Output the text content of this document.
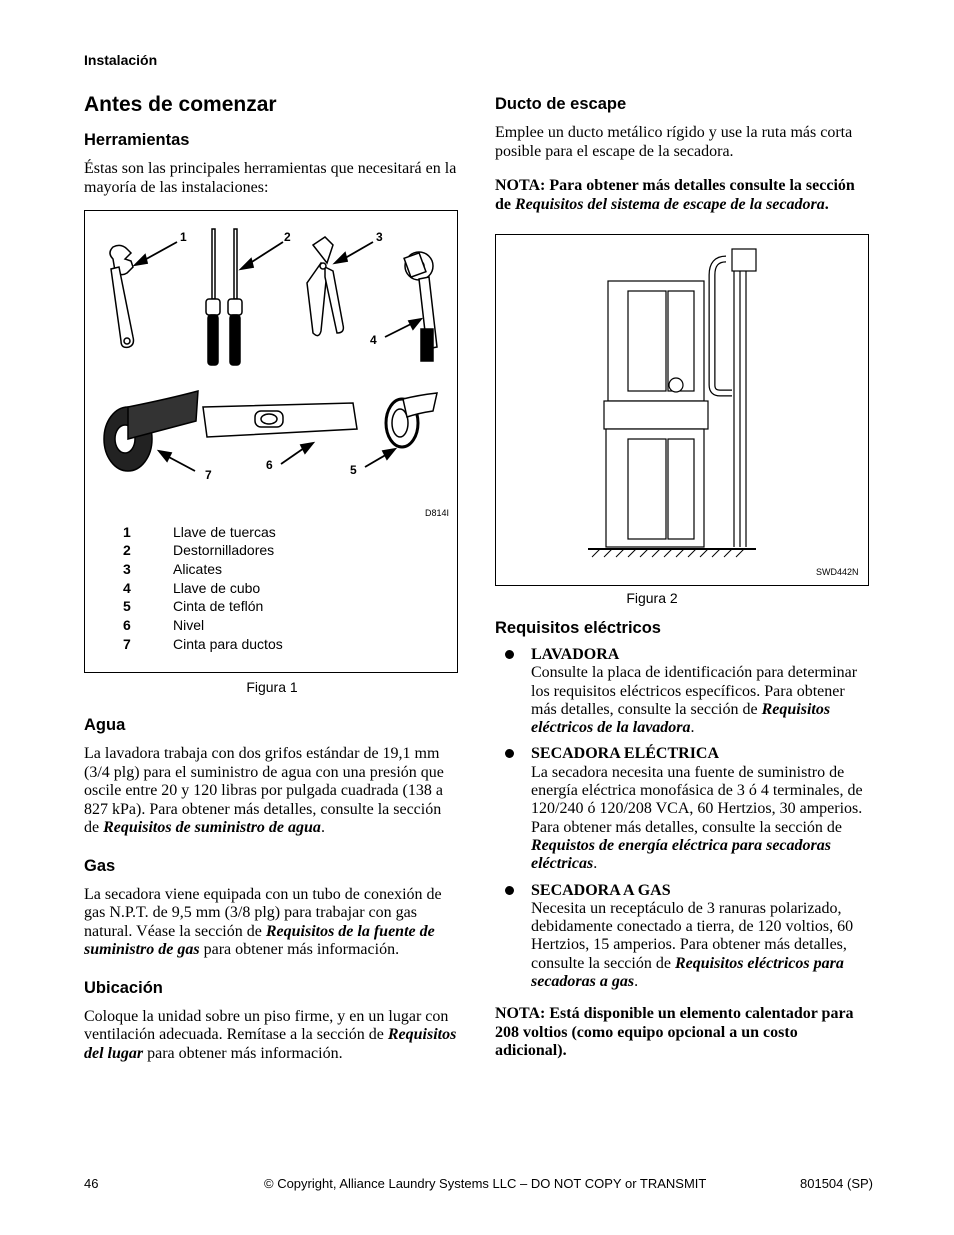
Instalación
Antes de comenzar
Herramientas

Éstas son las principales herramientas que necesitará en la mayoría de las instalaciones:

1	2	3
4
5
6
7
D814I
1	Llave de tuercas
2	Destornilladores
3	Alicates
4	Llave de cubo
5	Cinta de teflón
6	Nivel
7	Cinta para ductos
Figura 1
Agua

La lavadora trabaja con dos grifos estándar de 19,1 mm (3/4 plg) para el suministro de agua con una presión que oscile entre 20 y 120 libras por pulgada cuadrada (138 a 827 kPa). Para obtener más detalles, consulte la sección de Requisitos de suministro de agua.

Gas

La secadora viene equipada con un tubo de conexión de gas N.P.T. de 9,5 mm (3/8 plg) para trabajar con gas natural. Véase la sección de Requisitos de la fuente de suministro de gas para obtener más información.

Ubicación

Coloque la unidad sobre un piso firme, y en un lugar con ventilación adecuada. Remítase a la sección de Requisitos del lugar para obtener más información.

Ducto de escape

Emplee un ducto metálico rígido y use la ruta más corta posible para el escape de la secadora.

NOTA: Para obtener más detalles consulte la sección de Requisitos del sistema de escape de la secadora.

SWD442N
Figura 2
Requisitos eléctricos
LAVADORA
Consulte la placa de identificación para determinar los requisitos eléctricos específicos. Para obtener más detalles, consulte la sección de Requisitos eléctricos de la lavadora.
SECADORA ELÉCTRICA
La secadora necesita una fuente de suministro de energía eléctrica monofásica de 3 ó 4 terminales, de 120/240 ó 120/208 VCA, 60 Hertzios, 30 amperios. Para obtener más detalles, consulte la sección de Requistos de energía eléctrica para secadoras eléctricas.
SECADORA A GAS
Necesita un receptáculo de 3 ranuras polarizado, debidamente conectado a tierra, de 120 voltios, 60 Hertzios, 15 amperios. Para obtener más detalles, consulte la sección de Requisitos eléctricos para secadoras a gas.

NOTA: Está disponible un elemento calentador para 208 voltios (como equipo opcional a un costo adicional).

46	© Copyright, Alliance Laundry Systems LLC – DO NOT COPY or TRANSMIT	801504 (SP)
